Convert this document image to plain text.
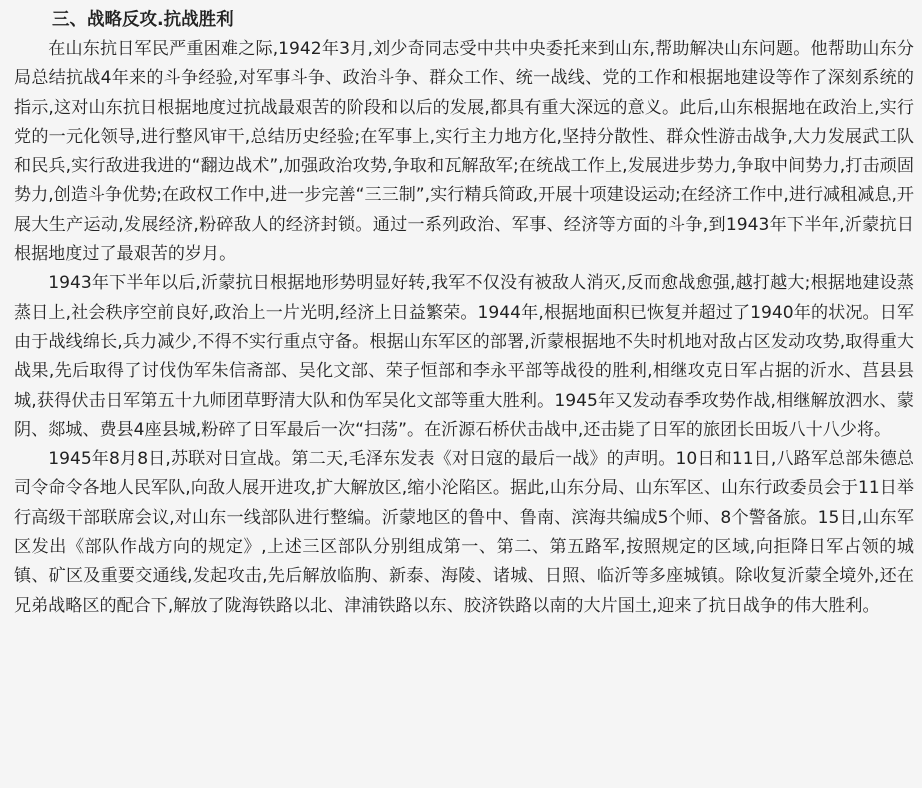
三、战略反攻.抗战胜利

在山东抗日军民严重困难之际,1942年3月,刘少奇同志受中共中央委托来到山东,帮助解决山东问题。他帮助山东分局总结抗战4年来的斗争经验,对军事斗争、政治斗争、群众工作、统一战线、党的工作和根据地建设等作了深刻系统的指示,这对山东抗日根据地度过抗战最艰苦的阶段和以后的发展,都具有重大深远的意义。此后,山东根据地在政治上,实行党的一元化领导,进行整风审干,总结历史经验;在军事上,实行主力地方化,坚持分散性、群众性游击战争,大力发展武工队和民兵,实行敌进我进的“翻边战术”,加强政治攻势,争取和瓦解敌军;在统战工作上,发展进步势力,争取中间势力,打击顽固势力,创造斗争优势;在政权工作中,进一步完善“三三制”,实行精兵简政,开展十项建设运动;在经济工作中,进行减租减息,开展大生产运动,发展经济,粉碎敌人的经济封锁。通过一系列政治、军事、经济等方面的斗争,到1943年下半年,沂蒙抗日根据地度过了最艰苦的岁月。

1943年下半年以后,沂蒙抗日根据地形势明显好转,我军不仅没有被敌人消灭,反而愈战愈强,越打越大;根据地建设蒸蒸日上,社会秩序空前良好,政治上一片光明,经济上日益繁荣。1944年,根据地面积已恢复并超过了1940年的状况。日军由于战线绵长,兵力减少,不得不实行重点守备。根据山东军区的部署,沂蒙根据地不失时机地对敌占区发动攻势,取得重大战果,先后取得了讨伐伪军朱信斋部、吴化文部、荣子恒部和李永平部等战役的胜利,相继攻克日军占据的沂水、莒县县城,获得伏击日军第五十九师团草野清大队和伪军吴化文部等重大胜利。1945年又发动春季攻势作战,相继解放泗水、蒙阴、郯城、费县4座县城,粉碎了日军最后一次“扫荡”。在沂源石桥伏击战中,还击毙了日军的旅团长田坂八十八少将。

1945年8月8日,苏联对日宣战。第二天,毛泽东发表《对日寇的最后一战》的声明。10日和11日,八路军总部朱德总司令命令各地人民军队,向敌人展开进攻,扩大解放区,缩小沦陷区。据此,山东分局、山东军区、山东行政委员会于11日举行高级干部联席会议,对山东一线部队进行整编。沂蒙地区的鲁中、鲁南、滨海共编成5个师、8个警备旅。15日,山东军区发出《部队作战方向的规定》,上述三区部队分别组成第一、第二、第五路军,按照规定的区域,向拒降日军占领的城镇、矿区及重要交通线,发起攻击,先后解放临朐、新泰、海陵、诸城、日照、临沂等多座城镇。除收复沂蒙全境外,还在兄弟战略区的配合下,解放了陇海铁路以北、津浦铁路以东、胶济铁路以南的大片国土,迎来了抗日战争的伟大胜利。
